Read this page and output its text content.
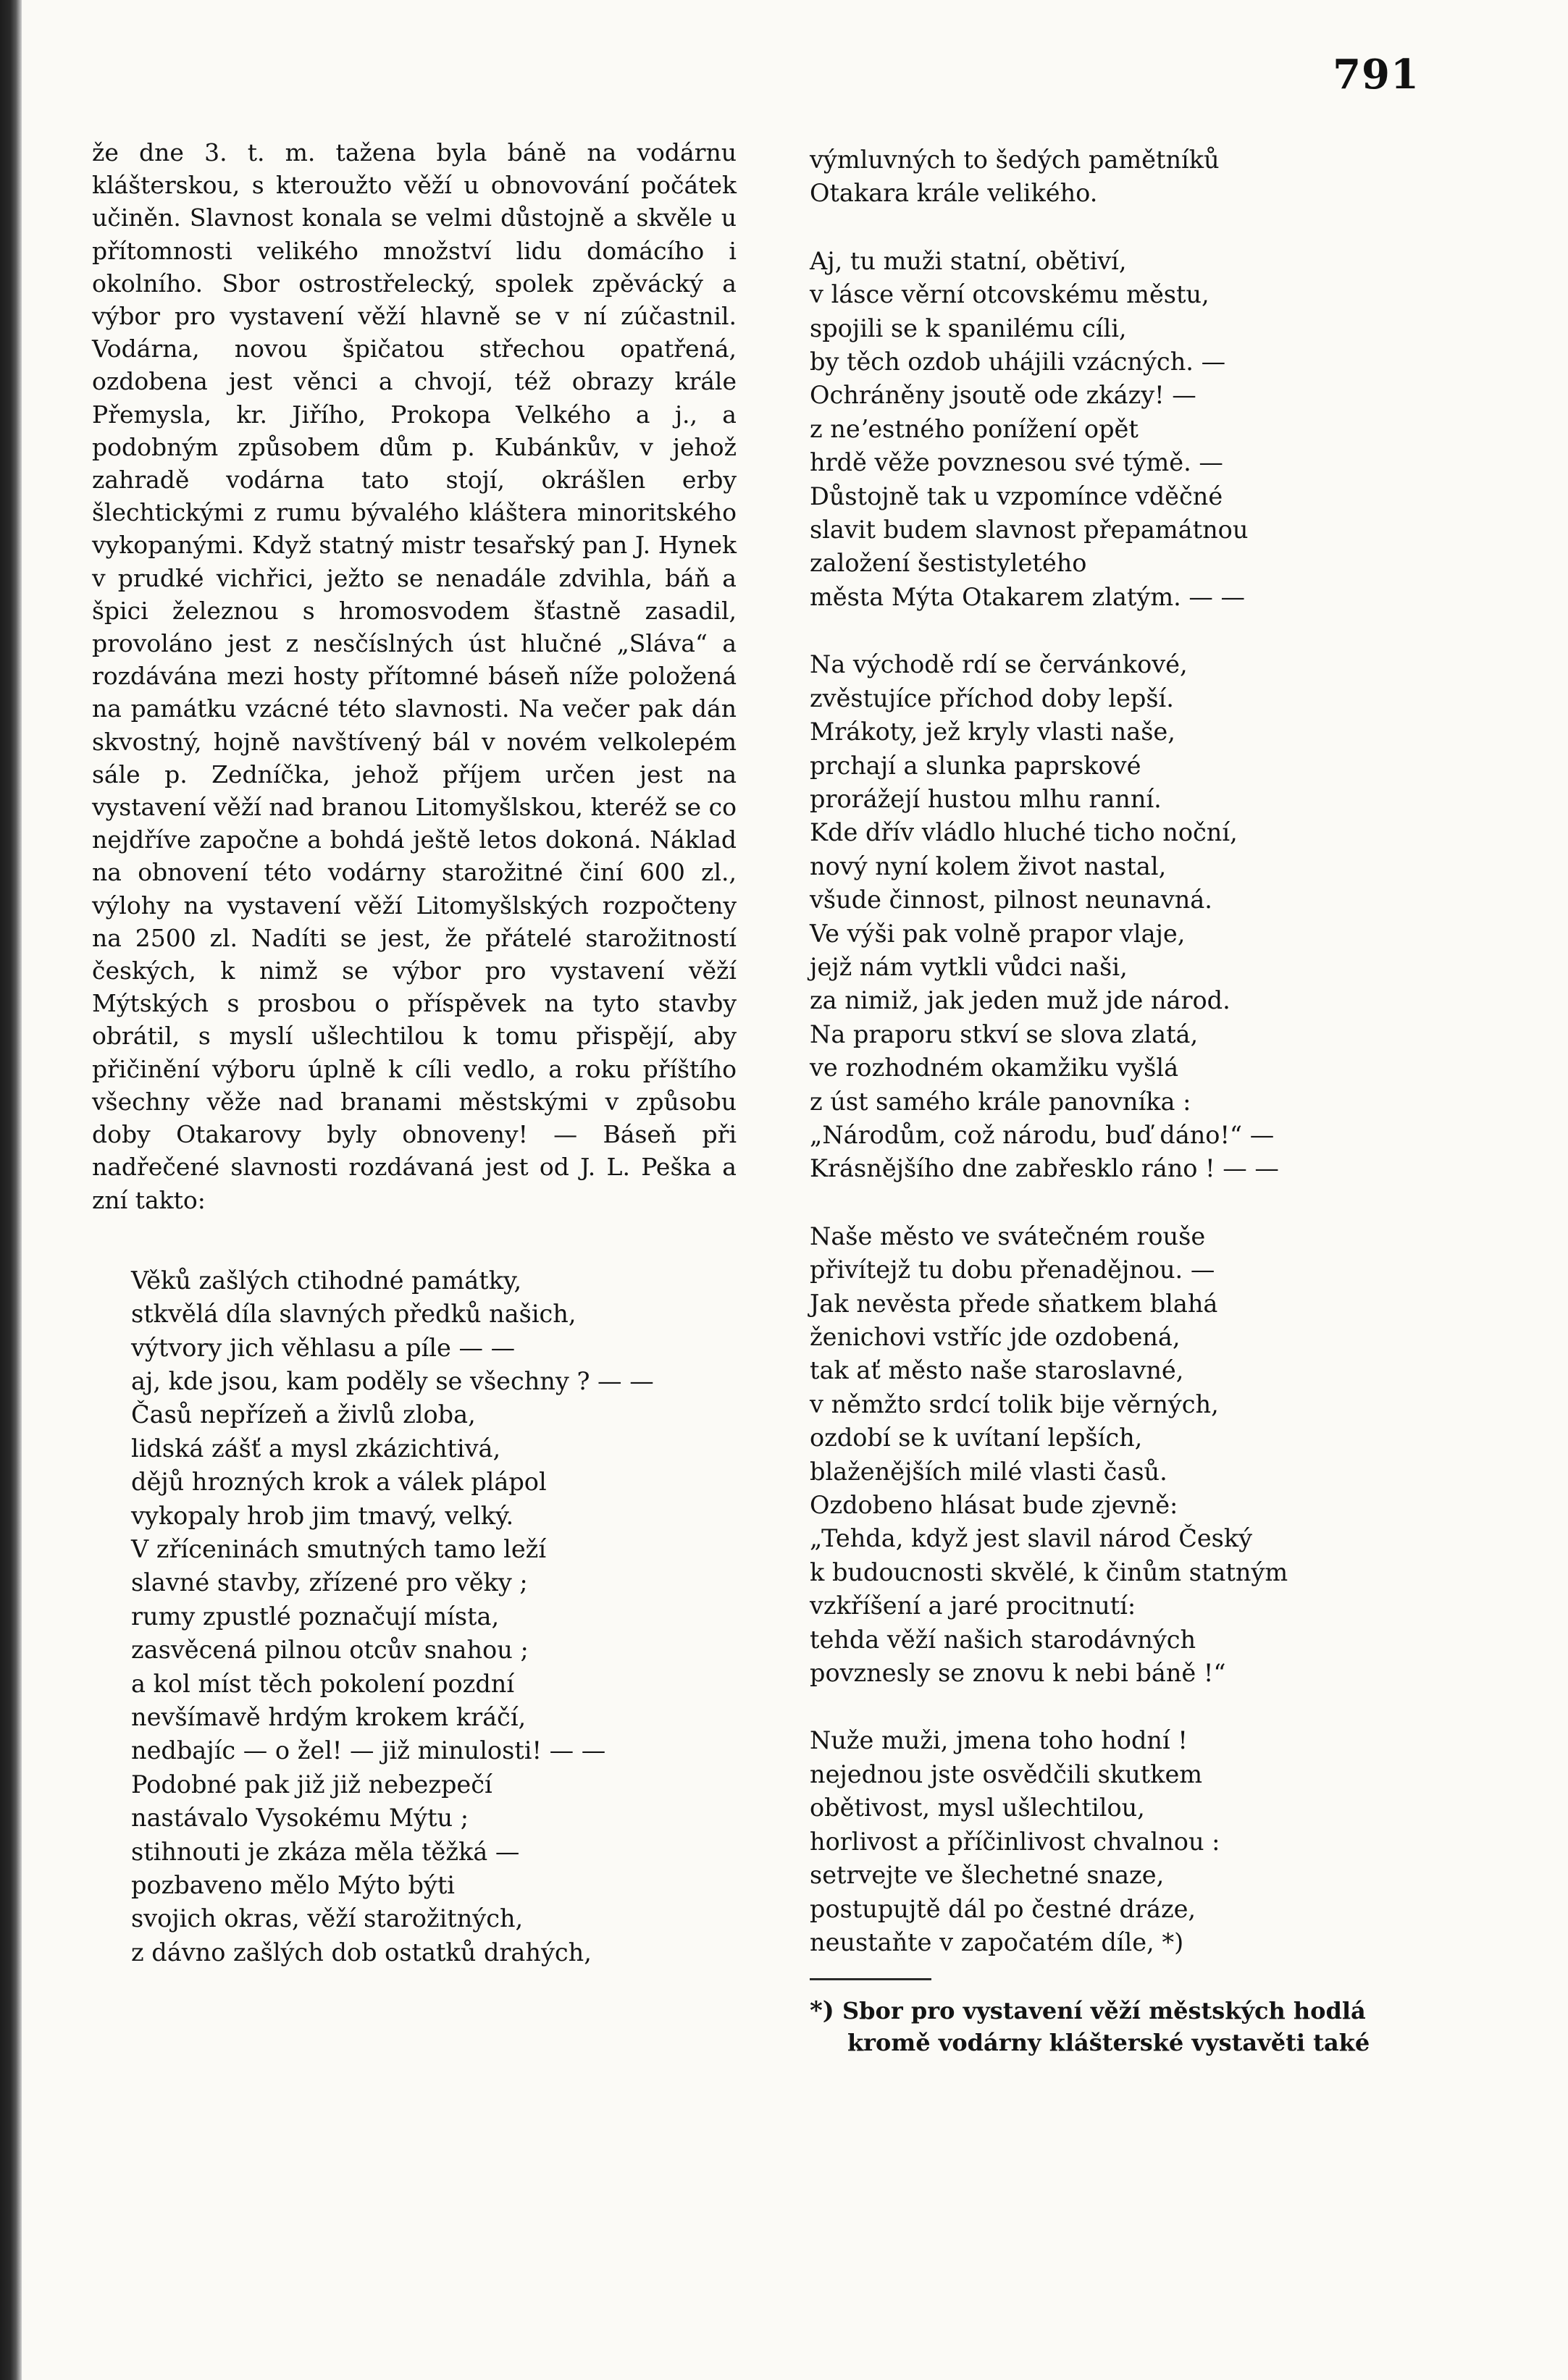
791

že dne 3. t. m. tažena byla báně na vodárnu klášterskou, s kteroužto věží u obnovování počátek učiněn. Slavnost konala se velmi důstojně a skvěle u přítomnosti velikého množství lidu domácího i okolního. Sbor ostrostřelecký, spolek zpěvácký a výbor pro vystavení věží hlavně se v ní zúčastnil. Vodárna, novou špičatou střechou opatřená, ozdobena jest věnci a chvojí, též obrazy krále Přemysla, kr. Jiřího, Prokopa Velkého a j., a podobným způsobem dům p. Kubánkův, v jehož zahradě vodárna tato stojí, okrášlen erby šlechtickými z rumu bývalého kláštera minoritského vykopanými. Když statný mistr tesařský pan J. Hynek v prudké vichřici, ježto se nenadále zdvihla, báň a špici železnou s hromosvodem šťastně zasadil, provoláno jest z nesčíslných úst hlučné „Sláva“ a rozdávána mezi hosty přítomné báseň níže položená na památku vzácné této slavnosti. Na večer pak dán skvostný, hojně navštívený bál v novém velkolepém sále p. Zedníčka, jehož příjem určen jest na vystavení věží nad branou Litomyšlskou, kteréž se co nejdříve započne a bohdá ještě letos dokoná. Náklad na obnovení této vodárny starožitné činí 600 zl., výlohy na vystavení věží Litomyšlských rozpočteny na 2500 zl. Nadíti se jest, že přátelé starožitností českých, k nimž se výbor pro vystavení věží Mýtských s prosbou o příspěvek na tyto stavby obrátil, s myslí ušlechtilou k tomu přispějí, aby přičinění výboru úplně k cíli vedlo, a roku příštího všechny věže nad branami městskými v způsobu doby Otakarovy byly obnoveny! — Báseň při nadřečené slavnosti rozdávaná jest od J. L. Peška a zní takto:

Věků zašlých ctihodné památky,
stkvělá díla slavných předků našich,
výtvory jich věhlasu a píle — —
aj, kde jsou, kam poděly se všechny ? — —
Časů nepřízeň a živlů zloba,
lidská zášť a mysl zkázichtivá,
dějů hrozných krok a válek plápol
vykopaly hrob jim tmavý, velký.
V zříceninách smutných tamo leží
slavné stavby, zřízené pro věky ;
rumy zpustlé poznačují místa,
zasvěcená pilnou otcův snahou ;
a kol míst těch pokolení pozdní
nevšímavě hrdým krokem kráčí,
nedbajíc — o žel! — již minulosti! — —
Podobné pak již již nebezpečí
nastávalo Vysokému Mýtu ;
stihnouti je zkáza měla těžká —
pozbaveno mělo Mýto býti
svojich okras, věží starožitných,
z dávno zašlých dob ostatků drahých,
výmluvných to šedých pamětníků
Otakara krále velikého.
Aj, tu muži statní, obětiví,
v lásce věrní otcovskému městu,
spojili se k spanilému cíli,
by těch ozdob uhájili vzácných. —
Ochráněny jsoutě ode zkázy! —
z neʼestného ponížení opět
hrdě věže povznesou své týmě. —
Důstojně tak u vzpomínce vděčné
slavit budem slavnost přepamátnou
založení šestistyletého
města Mýta Otakarem zlatým. — —
Na východě rdí se červánkové,
zvěstujíce příchod doby lepší.
Mrákoty, jež kryly vlasti naše,
prchají a slunka paprskové
prorážejí hustou mlhu ranní.
Kde dřív vládlo hluché ticho noční,
nový nyní kolem život nastal,
všude činnost, pilnost neunavná.
Ve výši pak volně prapor vlaje,
jejž nám vytkli vůdci naši,
za nimiž, jak jeden muž jde národ.
Na praporu stkví se slova zlatá,
ve rozhodném okamžiku vyšlá
z úst samého krále panovníka :
„Národům, což národu, buď dáno!“ —
Krásnějšího dne zabřesklo ráno ! — —
Naše město ve svátečném rouše
přivítejž tu dobu přenadějnou. —
Jak nevěsta přede sňatkem blahá
ženichovi vstříc jde ozdobená,
tak ať město naše staroslavné,
v němžto srdcí tolik bije věrných,
ozdobí se k uvítaní lepších,
blaženějších milé vlasti časů.
Ozdobeno hlásat bude zjevně:
„Tehda, když jest slavil národ Český
k budoucnosti skvělé, k činům statným
vzkříšení a jaré procitnutí:
tehda věží našich starodávných
povznesly se znovu k nebi báně !“
Nuže muži, jmena toho hodní !
nejednou jste osvědčili skutkem
obětivost, mysl ušlechtilou,
horlivost a příčinlivost chvalnou :
setrvejte ve šlechetné snaze,
postupujtě dál po čestné dráze,
neustaňte v započatém díle, *)
*) Sbor pro vystavení věží městských hodlá
kromě vodárny klášterské vystavěti také
